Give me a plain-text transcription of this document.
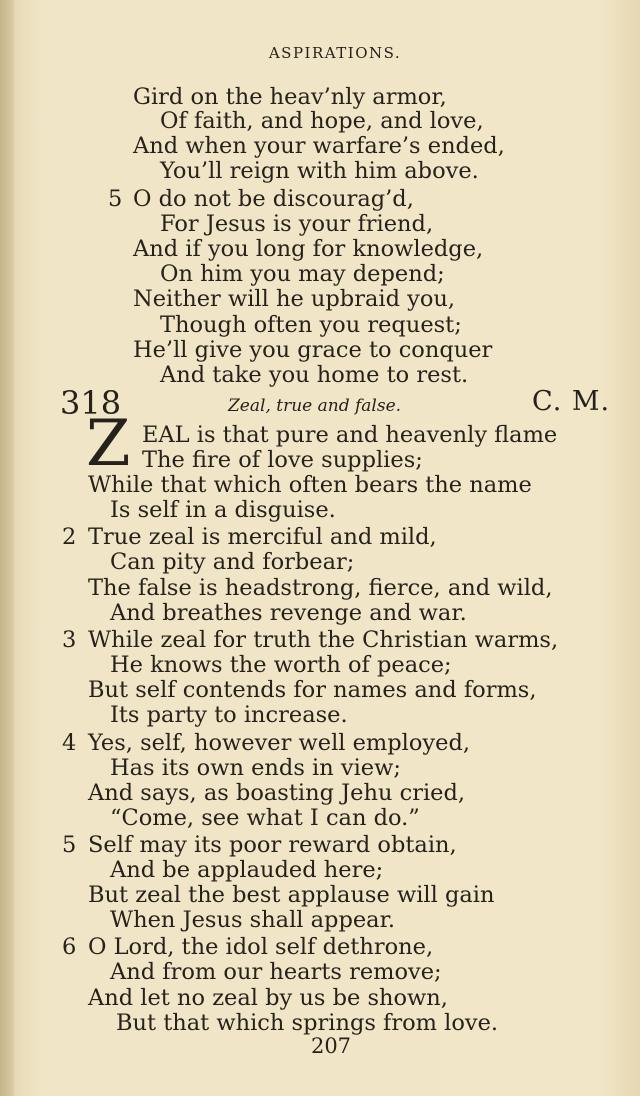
ASPIRATIONS.
Gird on the heav’nly armor,
Of faith, and hope, and love,
And when your warfare’s ended,
You’ll reign with him above.
5 O do not be discourag’d,
For Jesus is your friend,
And if you long for knowledge,
On him you may depend;
Neither will he upbraid you,
Though often you request;
He’ll give you grace to conquer
And take you home to rest.
318	Zeal, true and false.	C. M.
Z EAL is that pure and heavenly flame
The fire of love supplies;
While that which often bears the name
Is self in a disguise.
2 True zeal is merciful and mild,
Can pity and forbear;
The false is headstrong, fierce, and wild,
And breathes revenge and war.
3 While zeal for truth the Christian warms,
He knows the worth of peace;
But self contends for names and forms,
Its party to increase.
4 Yes, self, however well employed,
Has its own ends in view;
And says, as boasting Jehu cried,
“Come, see what I can do.”
5 Self may its poor reward obtain,
And be applauded here;
But zeal the best applause will gain
When Jesus shall appear.
6 O Lord, the idol self dethrone,
And from our hearts remove;
And let no zeal by us be shown,
But that which springs from love.
207
